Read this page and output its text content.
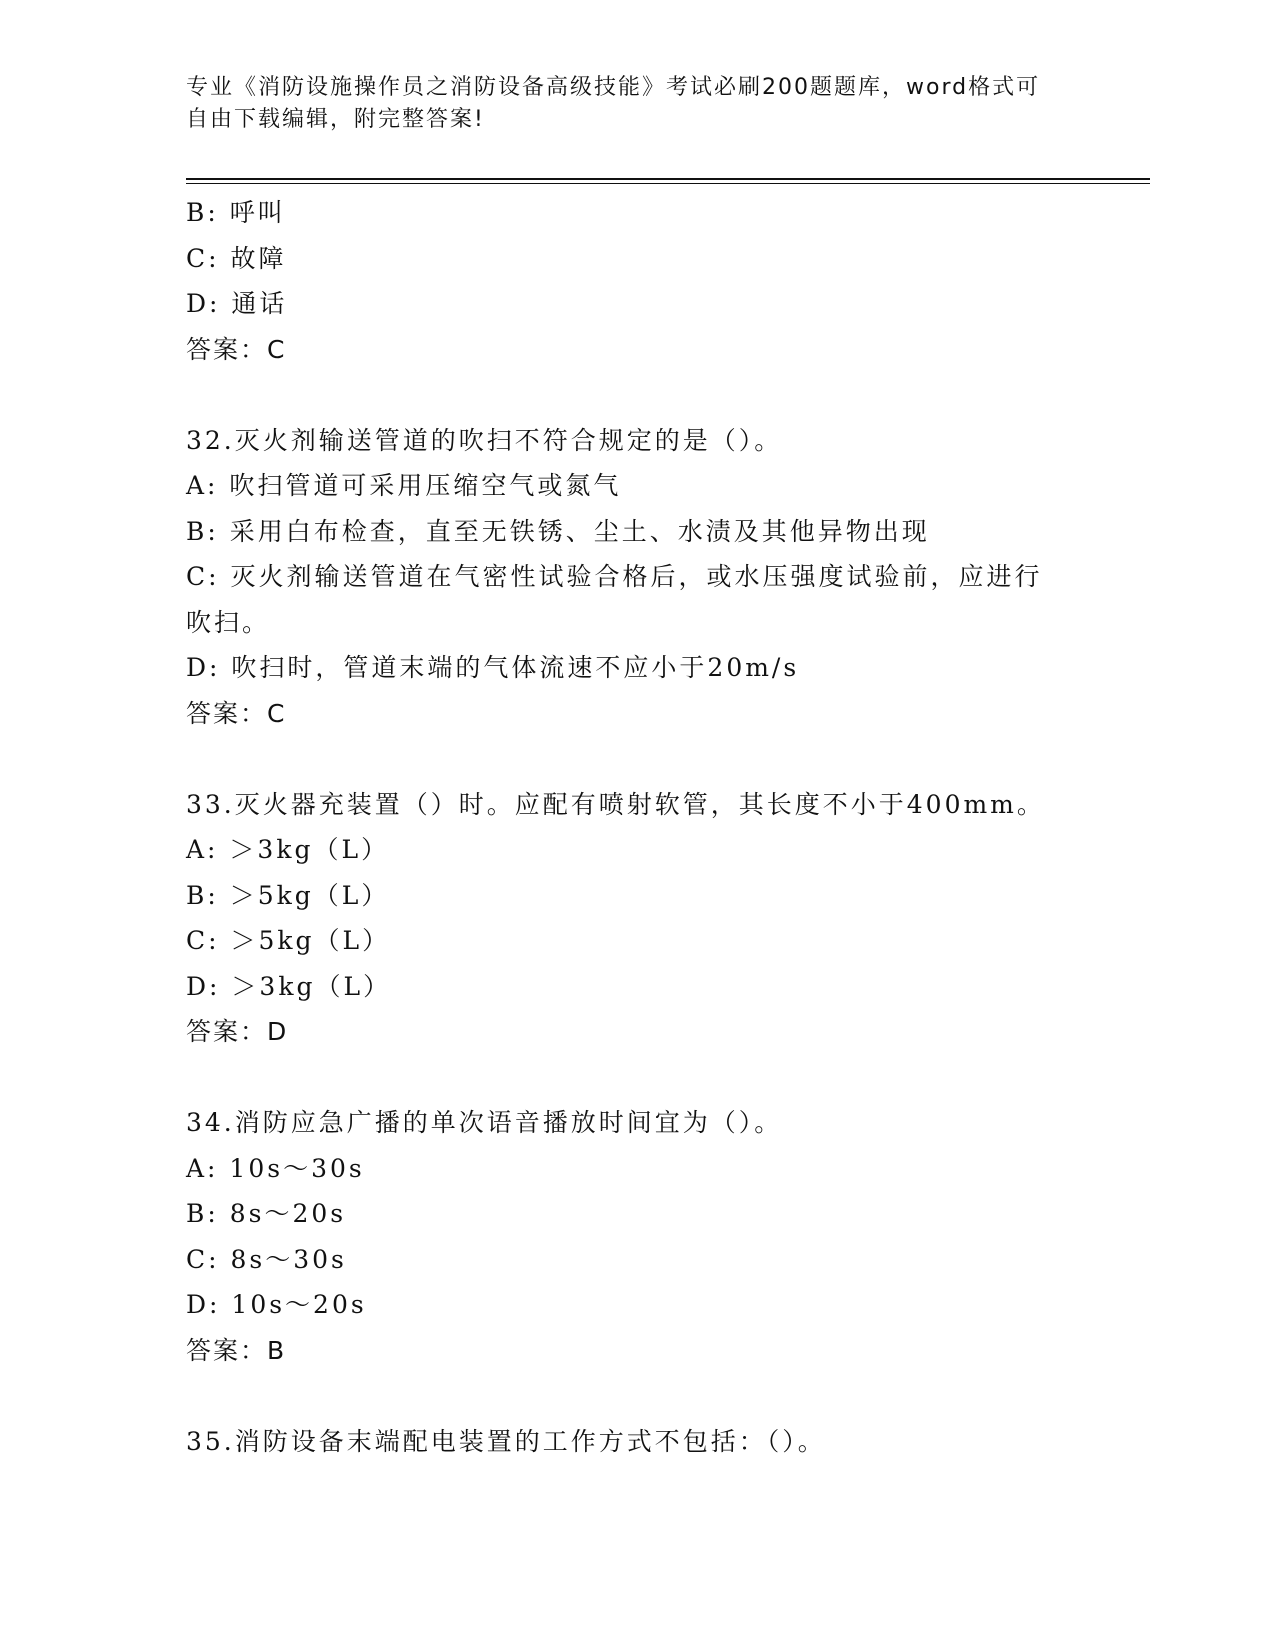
专业《消防设施操作员之消防设备高级技能》考试必刷200题题库，word格式可
自由下载编辑，附完整答案!
B: 呼叫
C: 故障
D: 通话
答案：C
32.灭火剂输送管道的吹扫不符合规定的是（）。
A: 吹扫管道可采用压缩空气或氮气
B: 采用白布检查，直至无铁锈、尘土、水渍及其他异物出现
C: 灭火剂输送管道在气密性试验合格后，或水压强度试验前，应进行
吹扫。
D: 吹扫时，管道末端的气体流速不应小于20m/s
答案：C
33.灭火器充装置（）时。应配有喷射软管，其长度不小于400mm。
A: ＞3kg（L）
B: ＞5kg（L）
C: ＞5kg（L）
D: ＞3kg（L）
答案：D
34.消防应急广播的单次语音播放时间宜为（）。
A: 10s～30s
B: 8s～20s
C: 8s～30s
D: 10s～20s
答案：B
35.消防设备末端配电装置的工作方式不包括：（）。
